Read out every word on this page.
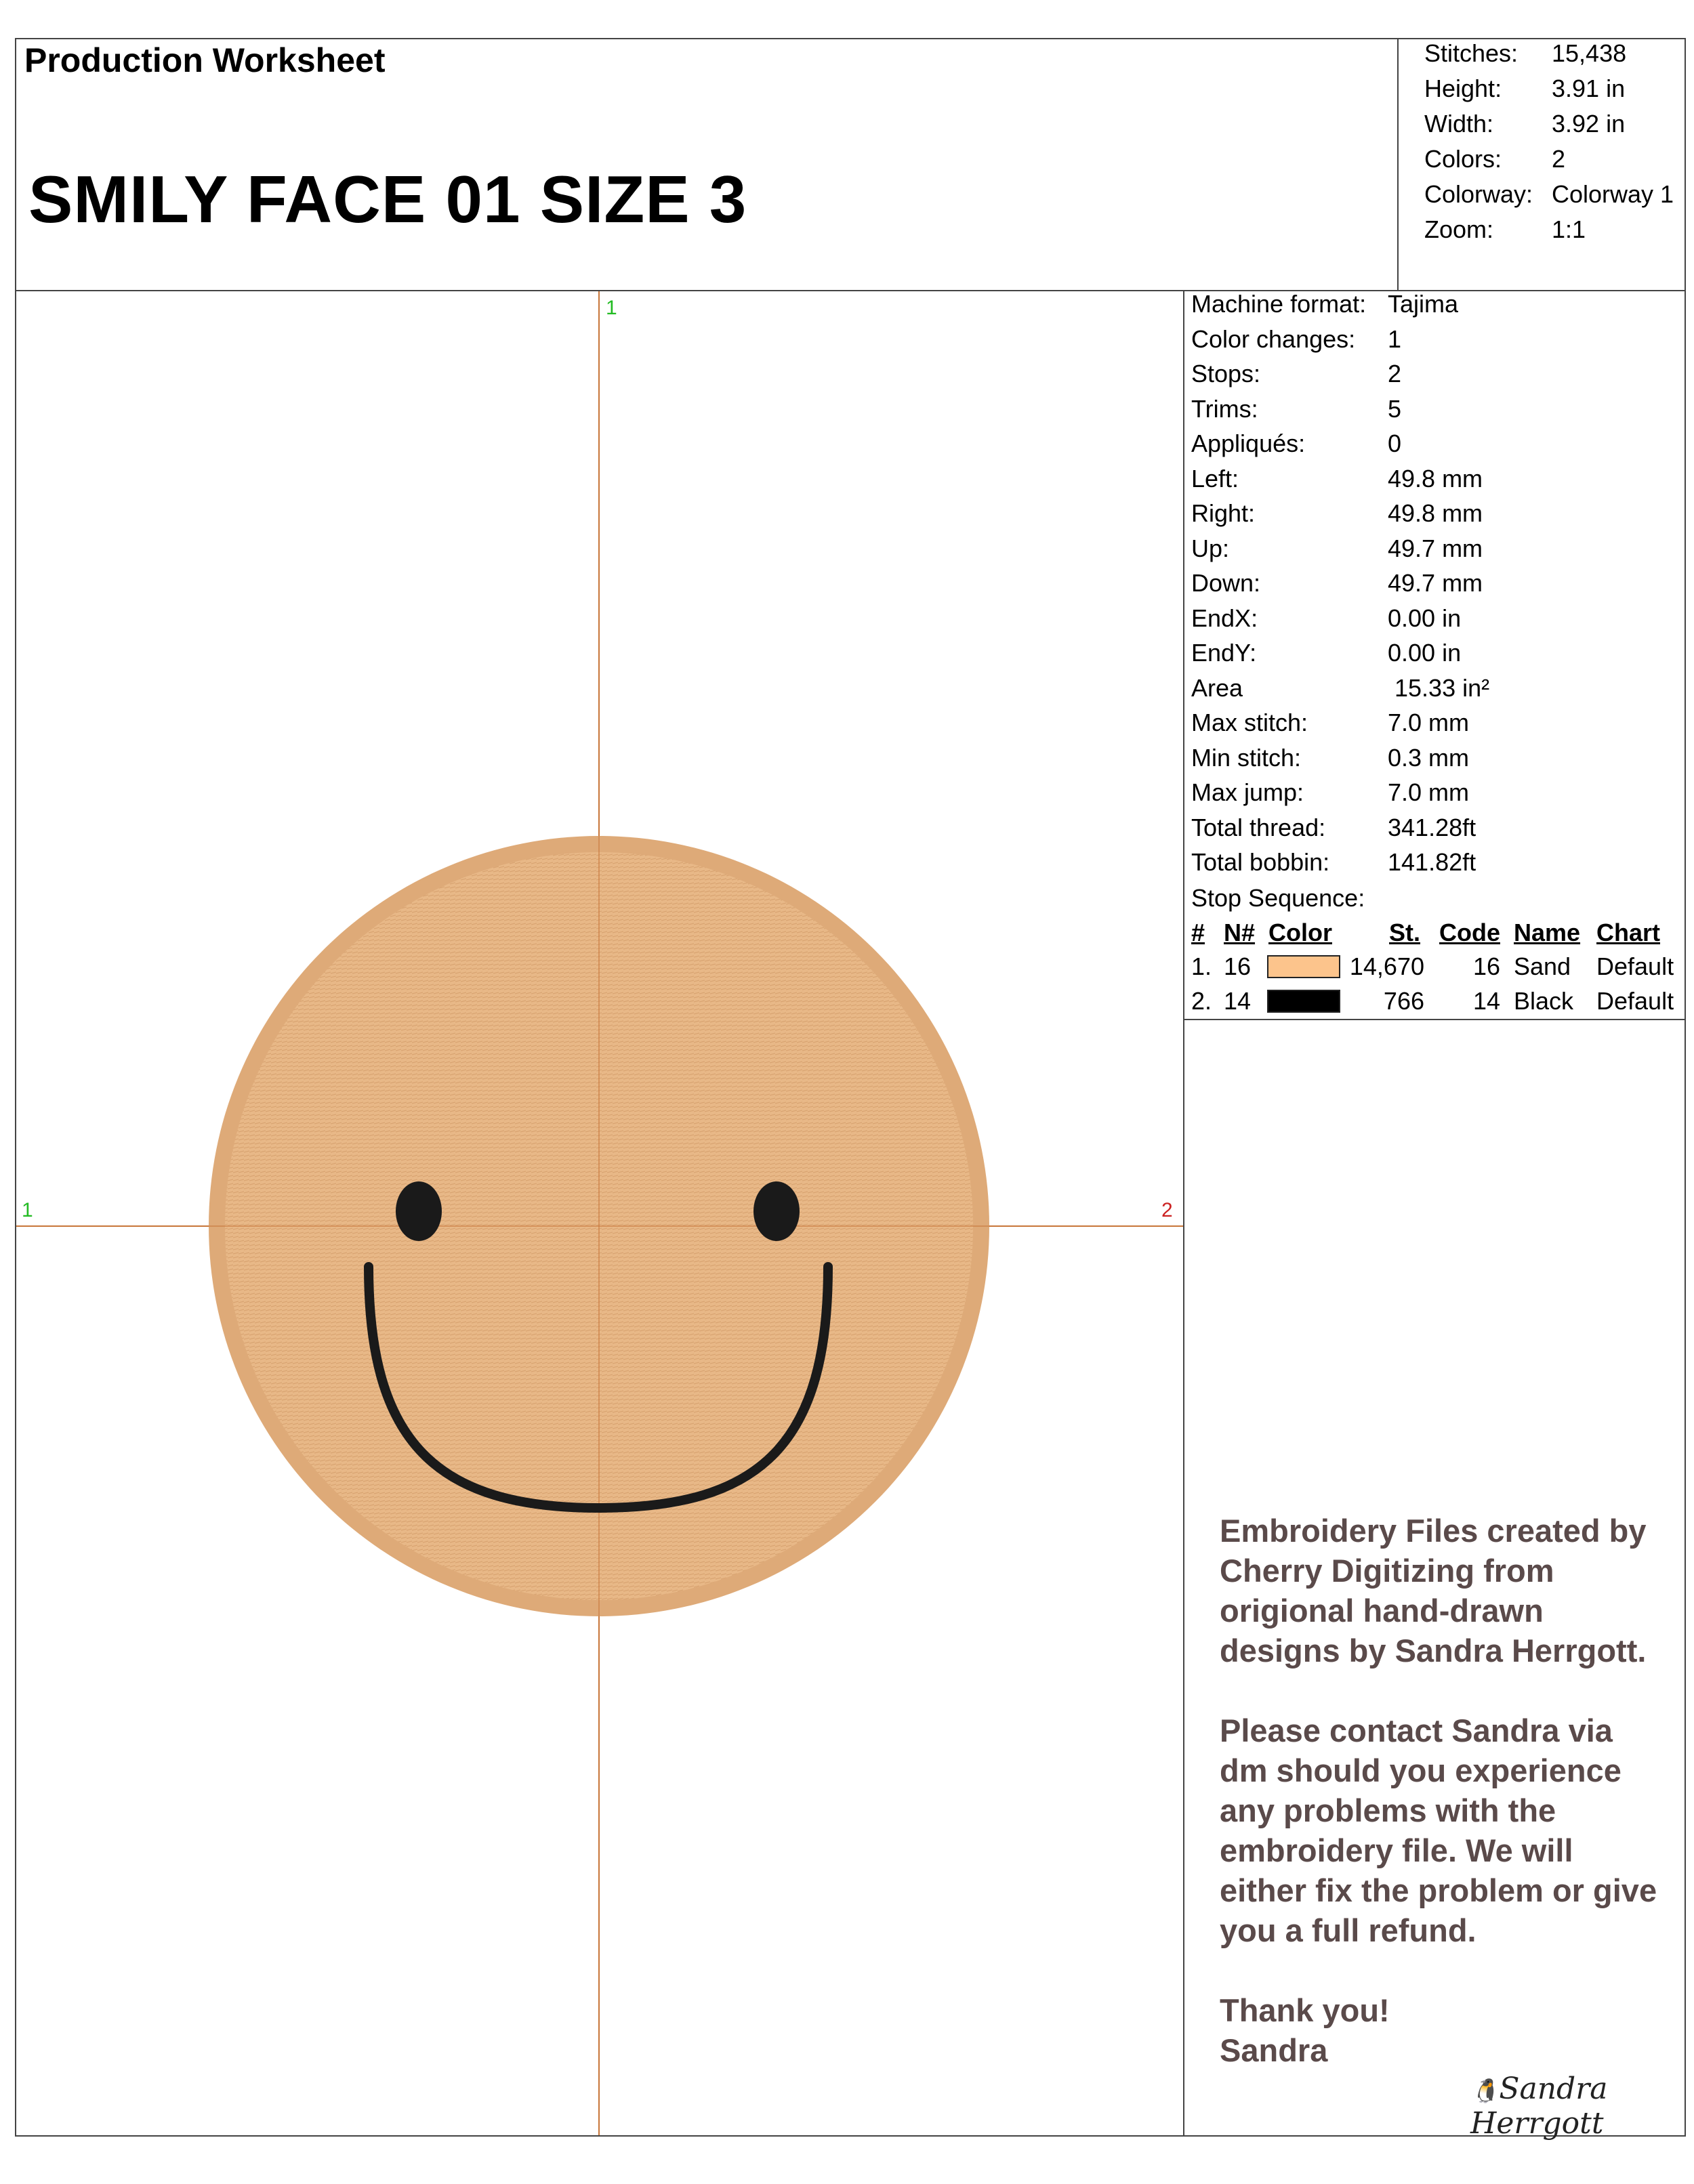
Production Worksheet
SMILY FACE 01 SIZE 3
Stitches: 15,438
Height: 3.91 in
Width: 3.92 in
Colors: 2
Colorway: Colorway 1
Zoom: 1:1
Machine format: Tajima
Color changes: 1
Stops:	2
Trims:	5
Appliqués:	0
Left:	49.8 mm
Right:	49.8 mm
Up:	49.7 mm
Down:	49.7 mm
EndX:	0.00 in
EndY:	0.00 in
Area	15.33 in²
Max stitch:	7.0 mm
Min stitch:	0.3 mm
Max jump:	7.0 mm
Total thread:	341.28ft
Total bobbin: 141.82ft
Stop Sequence:
# N# Color St. Code Name Chart
1. 16	14,670 16 Sand Default
2. 14	766 14 Black Default
1
1	2

Embroidery Files created by Cherry Digitizing from origional hand-drawn designs by Sandra Herrgott.

Please contact Sandra via dm should you experience any problems with the embroidery file. We will either fix the problem or give you a full refund.

Thank you!
Sandra

🐧Sandra Herrgott
